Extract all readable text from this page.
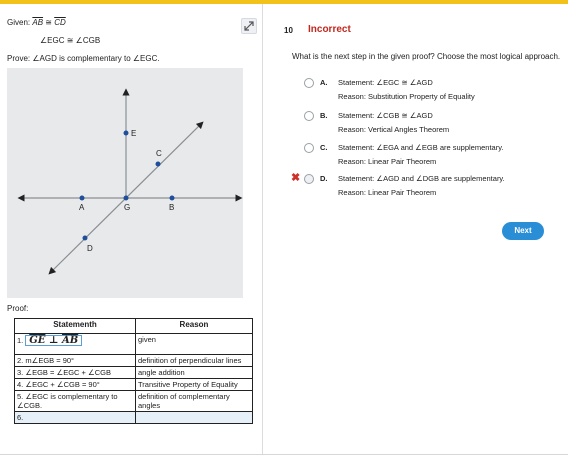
Given: $\overline{AB}$ ≅ $\overline{CD}$
∠EGC ≅ ∠CGB
Prove: ∠AGD is complementary to ∠EGC.
E
C
A	G	B
D
Proof:
Statementh	Reason
1. $\overline{GE}$ ⊥ $\overline{AB}$	given
2. m∠EGB = 90°	definition of perpendicular lines
3. ∠EGB = ∠EGC + ∠CGB	angle addition
4. ∠EGC + ∠CGB = 90°	Transitive Property of Equality
5. ∠EGC is complementary to ∠CGB.	definition of complementary angles
6.	
10 Incorrect
What is the next step in the given proof? Choose the most logical approach.
A. Statement: ∠EGC ≅ ∠AGD
Reason: Substitution Property of Equality
B. Statement: ∠CGB ≅ ∠AGD
Reason: Vertical Angles Theorem
C. Statement: ∠EGA and ∠EGB are supplementary.
Reason: Linear Pair Theorem
✖	D. Statement: ∠AGD and ∠DGB are supplementary.
Reason: Linear Pair Theorem
Next
